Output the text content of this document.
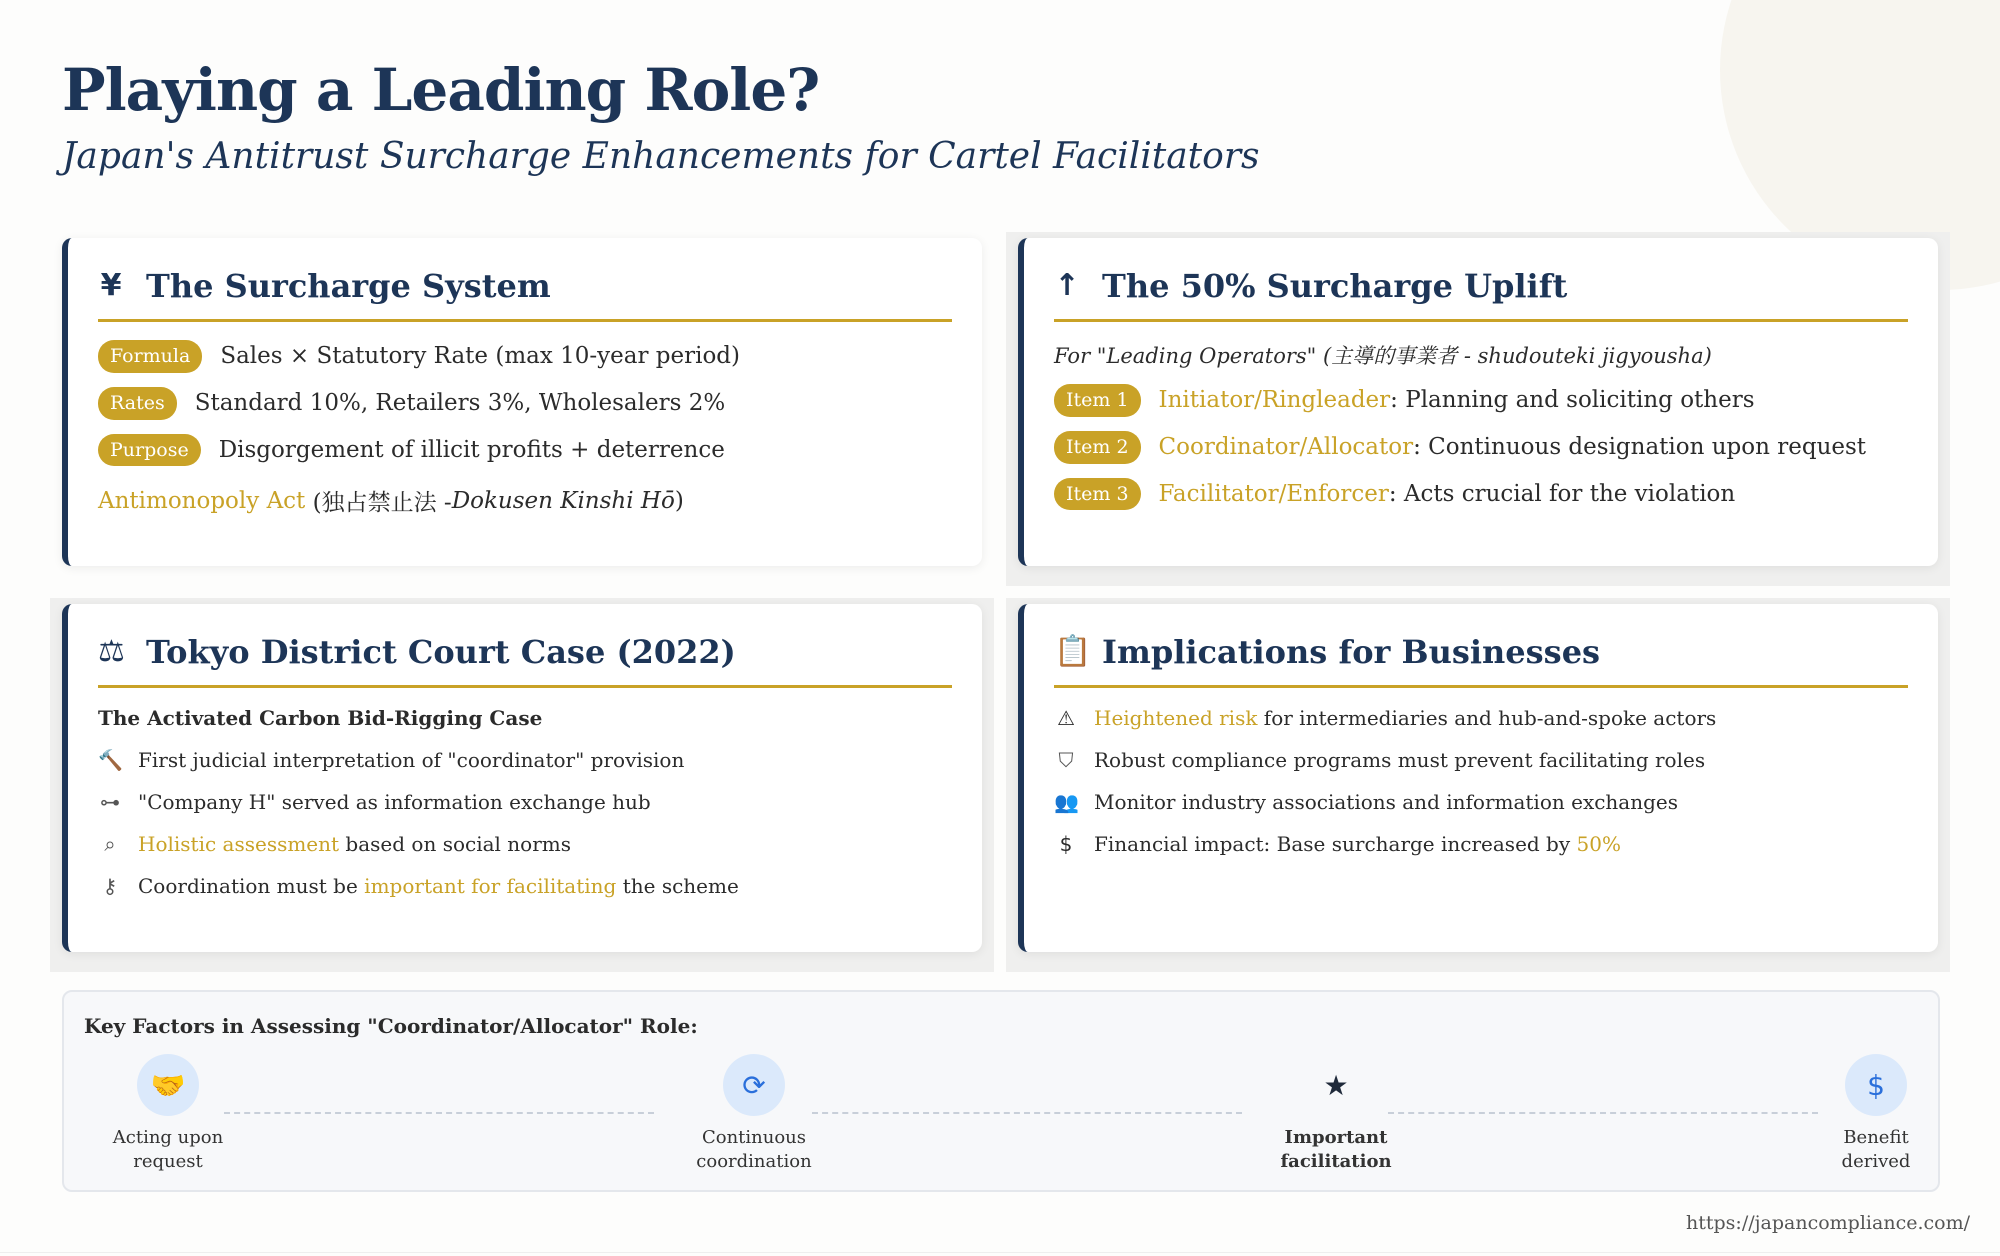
Playing a Leading Role?
Japan's Antitrust Surcharge Enhancements for Cartel Facilitators
¥ The Surcharge System
Formula	Sales × Statutory Rate (max 10-year period)
Rates	Standard 10%, Retailers 3%, Wholesalers 2%
Purpose	Disgorgement of illicit profits + deterrence
Antimonopoly Act
(独占禁止法 - Dokusen Kinshi Hō )
↑ The 50% Surcharge Uplift
For "Leading Operators" (主導的事業者 - shudouteki jigyousha)
Item 1	Initiator/Ringleader : Planning and soliciting others
Item 2	Coordinator/Allocator : Continuous designation upon request
Item 3	Facilitator/Enforcer : Acts crucial for the violation
⚖ Tokyo District Court Case (2022)
The Activated Carbon Bid-Rigging Case
🔨 First judicial interpretation of "coordinator" provision
⊶ "Company H" served as information exchange hub
⌕	Holistic assessment based on social norms
⚷ Coordination must be important for facilitating the scheme
📋 Implications for Businesses
⚠ Heightened risk for intermediaries and hub-and-spoke actors
⛉ Robust compliance programs must prevent facilitating roles
👥 Monitor industry associations and information exchanges
$ Financial impact: Base surcharge increased by 50%
Key Factors in Assessing "Coordinator/Allocator" Role:
🤝
Acting upon
request
⟳
Continuous
coordination
★
Important
facilitation
$
Benefit
derived
https://japancompliance.com/
